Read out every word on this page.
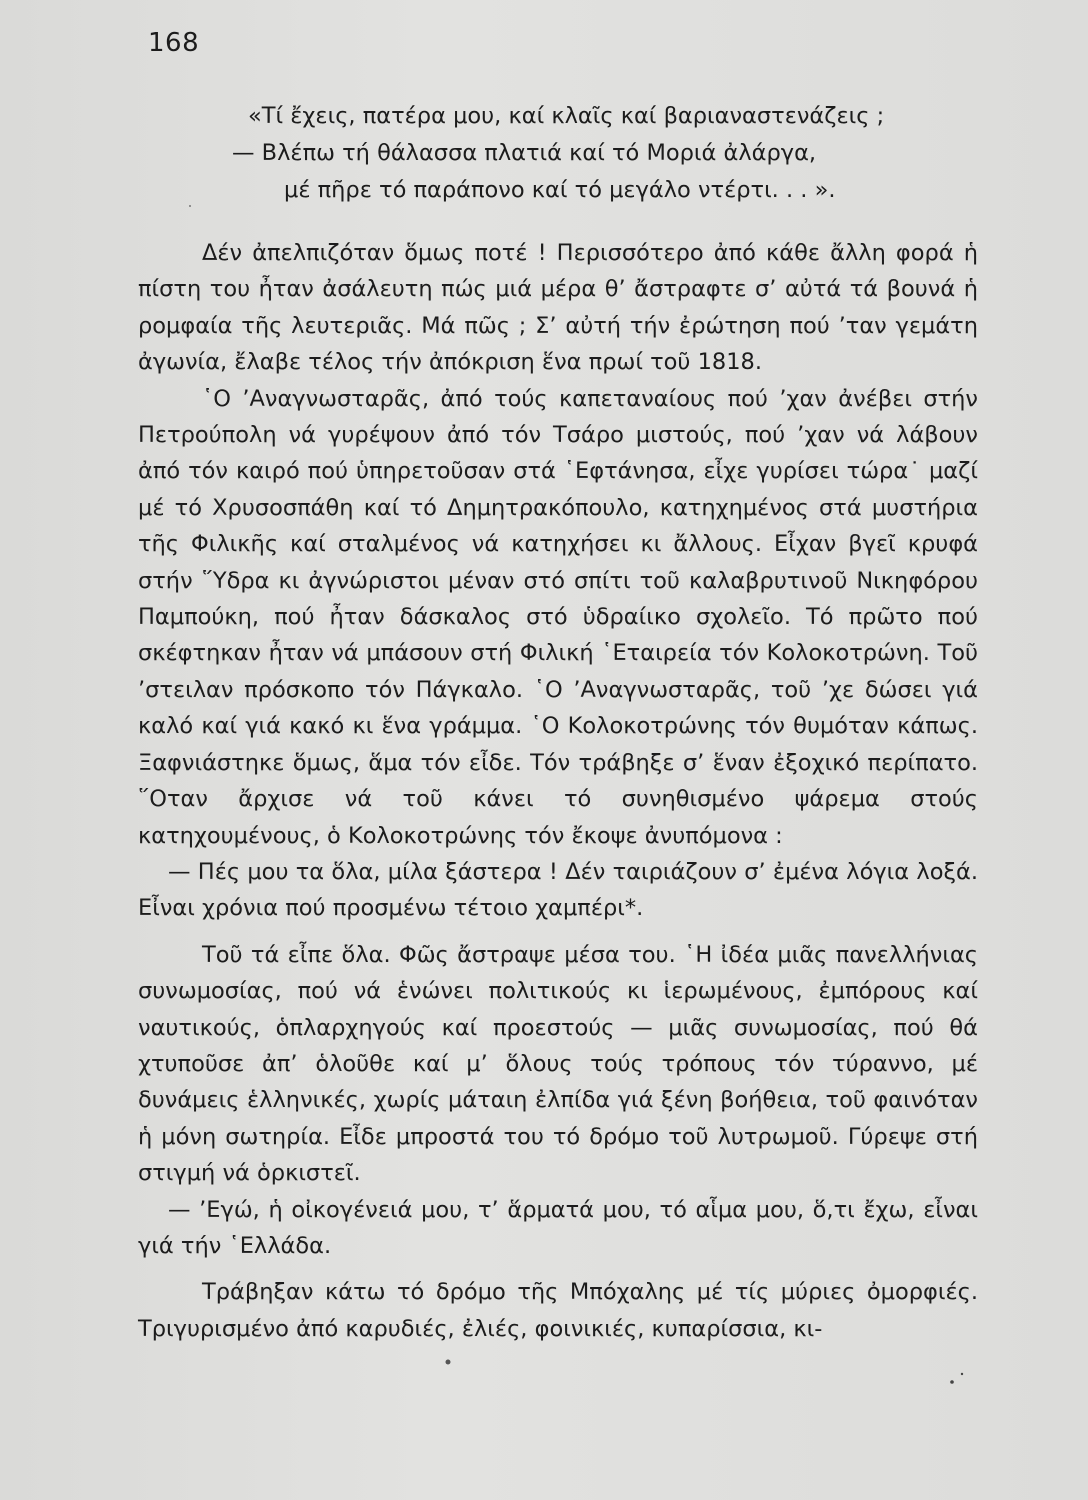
168

«Τί ἔχεις, πατέρα μου, καί κλαῖς καί βαριαναστενάζεις ;

— Βλέπω τή θάλασσα πλατιά καί τό Μοριά ἀλάργα,

μέ πῆρε τό παράπονο καί τό μεγάλο ντέρτι. . . ».

Δέν ἀπελπιζόταν ὅμως ποτέ ! Περισσότερο ἀπό κάθε ἄλλη φορά ἡ πίστη του ἦταν ἀσάλευτη πώς μιά μέρα θ’ ἄστραφτε σ’ αὐτά τά βουνά ἡ ρομφαία τῆς λευτεριᾶς. Μά πῶς ; Σ’ αὐτή τήν ἐρώτηση πού ’ταν γεμάτη ἀγωνία, ἔλαβε τέλος τήν ἀπόκριση ἕνα πρωί τοῦ 1818.

῾Ο ’Αναγνωσταρᾶς, ἀπό τούς καπεταναίους πού ’χαν ἀνέβει στήν Πετρούπολη νά γυρέψουν ἀπό τόν Τσάρο μιστούς, πού ’χαν νά λάβουν ἀπό τόν καιρό πού ὑπηρετοῦσαν στά ῾Εφτάνησα, εἶχε γυρίσει τώρα˙ μαζί μέ τό Χρυσοσπάθη καί τό Δημητρακόπουλο, κατηχημένος στά μυστήρια τῆς Φιλικῆς καί σταλμένος νά κατηχήσει κι ἄλλους. Εἶχαν βγεῖ κρυφά στήν ῞Υδρα κι ἀγνώριστοι μέναν στό σπίτι τοῦ καλαβρυτινοῦ Νικηφόρου Παμπούκη, πού ἦταν δάσκαλος στό ὑδραίικο σχολεῖο. Τό πρῶτο πού σκέφτηκαν ἦταν νά μπάσουν στή Φιλική ῾Εταιρεία τόν Κολοκοτρώνη. Τοῦ ’στειλαν πρόσκοπο τόν Πάγκαλο. ῾Ο ’Αναγνωσταρᾶς, τοῦ ’χε δώσει γιά καλό καί γιά κακό κι ἕνα γράμμα. ῾Ο Κολοκοτρώνης τόν θυμόταν κάπως. Ξαφνιάστηκε ὅμως, ἅμα τόν εἶδε. Τόν τράβηξε σ’ ἕναν ἐξοχικό περίπατο. ῞Οταν ἄρχισε νά τοῦ κάνει τό συνηθισμένο ψάρεμα στούς κατηχουμένους, ὁ Κολοκοτρώνης τόν ἔκοψε ἀνυπόμονα :

— Πές μου τα ὅλα, μίλα ξάστερα ! Δέν ταιριάζουν σ’ ἐμένα λόγια λοξά. Εἶναι χρόνια πού προσμένω τέτοιο χαμπέρι*.

Τοῦ τά εἶπε ὅλα. Φῶς ἄστραψε μέσα του. ῾Η ἰδέα μιᾶς πανελλήνιας συνωμοσίας, πού νά ἑνώνει πολιτικούς κι ἱερωμένους, ἐμπόρους καί ναυτικούς, ὁπλαρχηγούς καί προεστούς — μιᾶς συνωμοσίας, πού θά χτυποῦσε ἀπ’ ὁλοῦθε καί μ’ ὅλους τούς τρόπους τόν τύραννο, μέ δυνάμεις ἑλληνικές, χωρίς μάταιη ἐλπίδα γιά ξένη βοήθεια, τοῦ φαινόταν ἡ μόνη σωτηρία. Εἶδε μπροστά του τό δρόμο τοῦ λυτρωμοῦ. Γύρεψε στή στιγμή νά ὁρκιστεῖ.

— ’Εγώ, ἡ οἰκογένειά μου, τ’ ἅρματά μου, τό αἷμα μου, ὅ,τι ἔχω, εἶναι γιά τήν ῾Ελλάδα.

Τράβηξαν κάτω τό δρόμο τῆς Μπόχαλης μέ τίς μύριες ὀμορφιές. Τριγυρισμένο ἀπό καρυδιές, ἐλιές, φοινικιές, κυπαρίσσια, κι-
